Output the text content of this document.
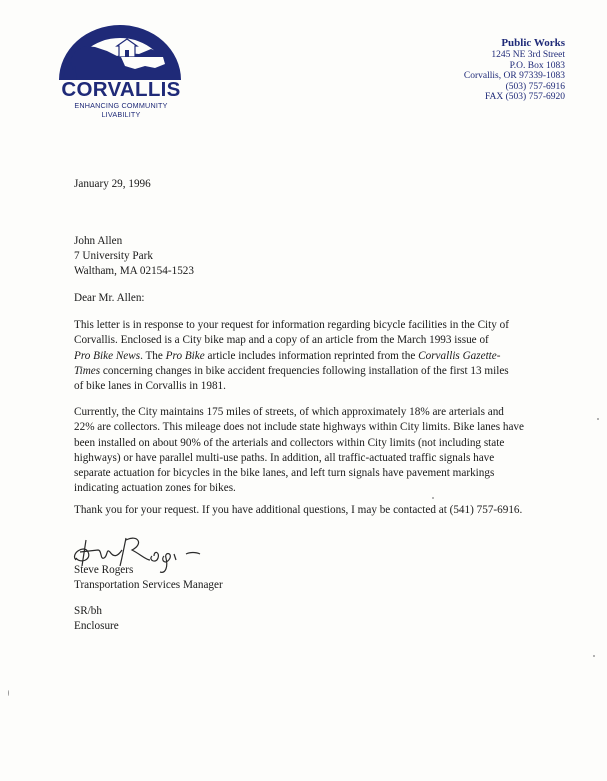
CORVALLIS
ENHANCING COMMUNITY LIVABILITY
Public Works
1245 NE 3rd Street
P.O. Box 1083
Corvallis, OR 97339-1083
(503) 757-6916
FAX (503) 757-6920
January 29, 1996
John Allen
7 University Park
Waltham, MA 02154-1523
Dear Mr. Allen:
This letter is in response to your request for information regarding bicycle facilities in the City of
Corvallis. Enclosed is a City bike map and a copy of an article from the March 1993 issue of
Pro Bike News. The Pro Bike article includes information reprinted from the Corvallis Gazette-
Times concerning changes in bike accident frequencies following installation of the first 13 miles
of bike lanes in Corvallis in 1981.
Currently, the City maintains 175 miles of streets, of which approximately 18% are arterials and
22% are collectors. This mileage does not include state highways within City limits. Bike lanes have
been installed on about 90% of the arterials and collectors within City limits (not including state
highways) or have parallel multi-use paths. In addition, all traffic-actuated traffic signals have
separate actuation for bicycles in the bike lanes, and left turn signals have pavement markings
indicating actuation zones for bikes.
Thank you for your request. If you have additional questions, I may be contacted at (541) 757-6916.
Steve Rogers
Transportation Services Manager
SR/bh
Enclosure
